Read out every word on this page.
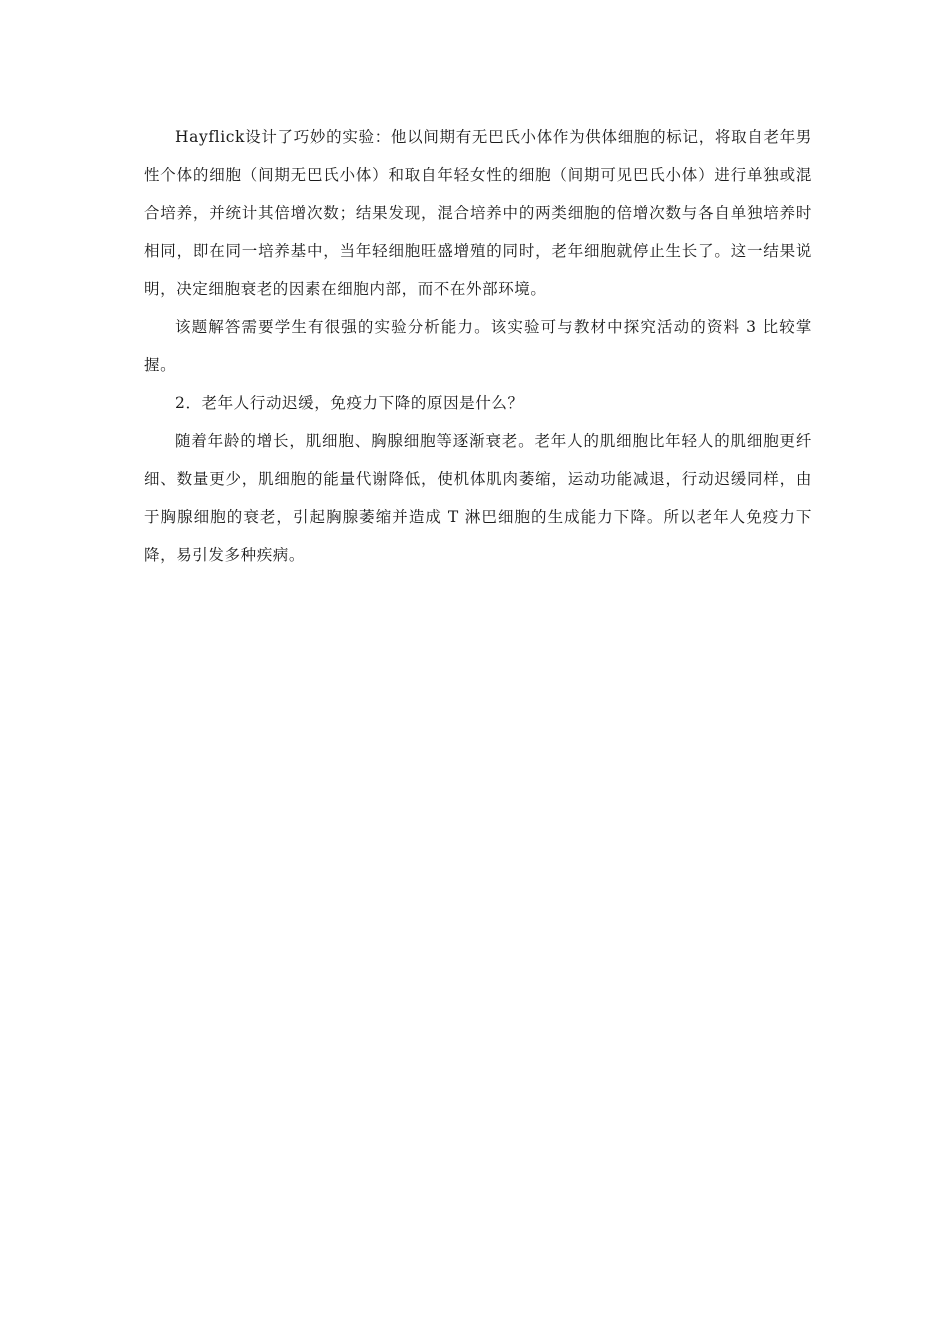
Hayflick设计了巧妙的实验：他以间期有无巴氏小体作为供体细胞的标记，将取自老年男性个体的细胞（间期无巴氏小体）和取自年轻女性的细胞（间期可见巴氏小体）进行单独或混合培养，并统计其倍增次数；结果发现，混合培养中的两类细胞的倍增次数与各自单独培养时相同，即在同一培养基中，当年轻细胞旺盛增殖的同时，老年细胞就停止生长了。这一结果说明，决定细胞衰老的因素在细胞内部，而不在外部环境。

该题解答需要学生有很强的实验分析能力。该实验可与教材中探究活动的资料 3 比较掌握。

2．老年人行动迟缓，免疫力下降的原因是什么？

随着年龄的增长，肌细胞、胸腺细胞等逐渐衰老。老年人的肌细胞比年轻人的肌细胞更纤细、数量更少，肌细胞的能量代谢降低，使机体肌肉萎缩，运动功能减退，行动迟缓同样，由于胸腺细胞的衰老，引起胸腺萎缩并造成 T 淋巴细胞的生成能力下降。所以老年人免疫力下降，易引发多种疾病。
